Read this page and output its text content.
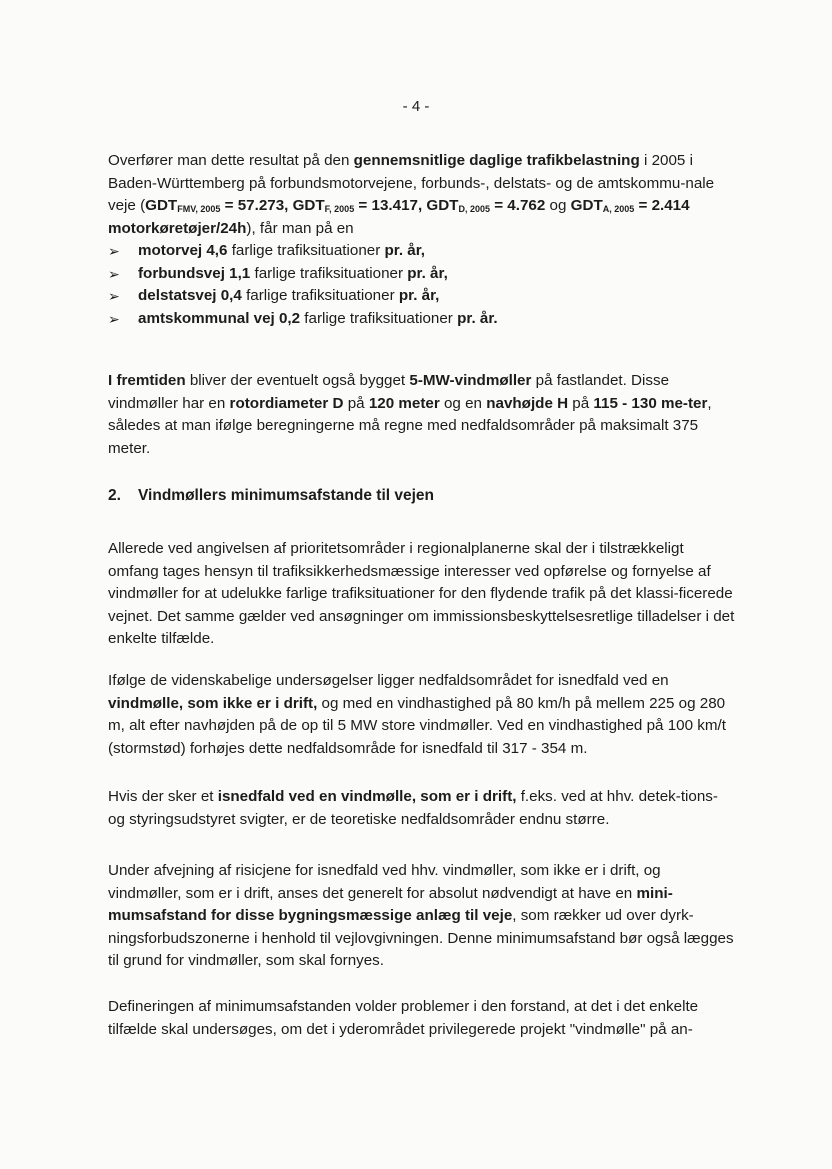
- 4 -

Overfører man dette resultat på den gennemsnitlige daglige trafikbelastning i 2005 i Baden-Württemberg på forbundsmotorvejene, forbunds-, delstats- og de amtskommu-nale veje ($GDT_{FMV, 2005} = 57.273$, $GDT_{F, 2005} = 13.417$, $GDT_{D, 2005} = 4.762$ og $GDT_{A, 2005} = 2.414$ motorkøretøjer/24h), får man på en

➢ motorvej 4,6 farlige trafiksituationer pr. år,
➢ forbundsvej 1,1 farlige trafiksituationer pr. år,
➢ delstatsvej 0,4 farlige trafiksituationer pr. år,
➢ amtskommunal vej 0,2 farlige trafiksituationer pr. år.

I fremtiden bliver der eventuelt også bygget 5-MW-vindmøller på fastlandet. Disse vindmøller har en rotordiameter D på 120 meter og en navhøjde H på 115 - 130 me-ter, således at man ifølge beregningerne må regne med nedfaldsområder på maksimalt 375 meter.

2. Vindmøllers minimumsafstande til vejen

Allerede ved angivelsen af prioritetsområder i regionalplanerne skal der i tilstrækkeligt omfang tages hensyn til trafiksikkerhedsmæssige interesser ved opførelse og fornyelse af vindmøller for at udelukke farlige trafiksituationer for den flydende trafik på det klassi-ficerede vejnet. Det samme gælder ved ansøgninger om immissionsbeskyttelsesretlige tilladelser i det enkelte tilfælde.

Ifølge de videnskabelige undersøgelser ligger nedfaldsområdet for isnedfald ved en vindmølle, som ikke er i drift, og med en vindhastighed på 80 km/h på mellem 225 og 280 m, alt efter navhøjden på de op til 5 MW store vindmøller. Ved en vindhastighed på 100 km/t (stormstød) forhøjes dette nedfaldsområde for isnedfald til 317 - 354 m.

Hvis der sker et isnedfald ved en vindmølle, som er i drift, f.eks. ved at hhv. detek-tions- og styringsudstyret svigter, er de teoretiske nedfaldsområder endnu større.

Under afvejning af risicjene for isnedfald ved hhv. vindmøller, som ikke er i drift, og vindmøller, som er i drift, anses det generelt for absolut nødvendigt at have en mini-mumsafstand for disse bygningsmæssige anlæg til veje, som rækker ud over dyrk-ningsforbudszonerne i henhold til vejlovgivningen. Denne minimumsafstand bør også lægges til grund for vindmøller, som skal fornyes.

Defineringen af minimumsafstanden volder problemer i den forstand, at det i det enkelte tilfælde skal undersøges, om det i yderområdet privilegerede projekt "vindmølle" på an-
